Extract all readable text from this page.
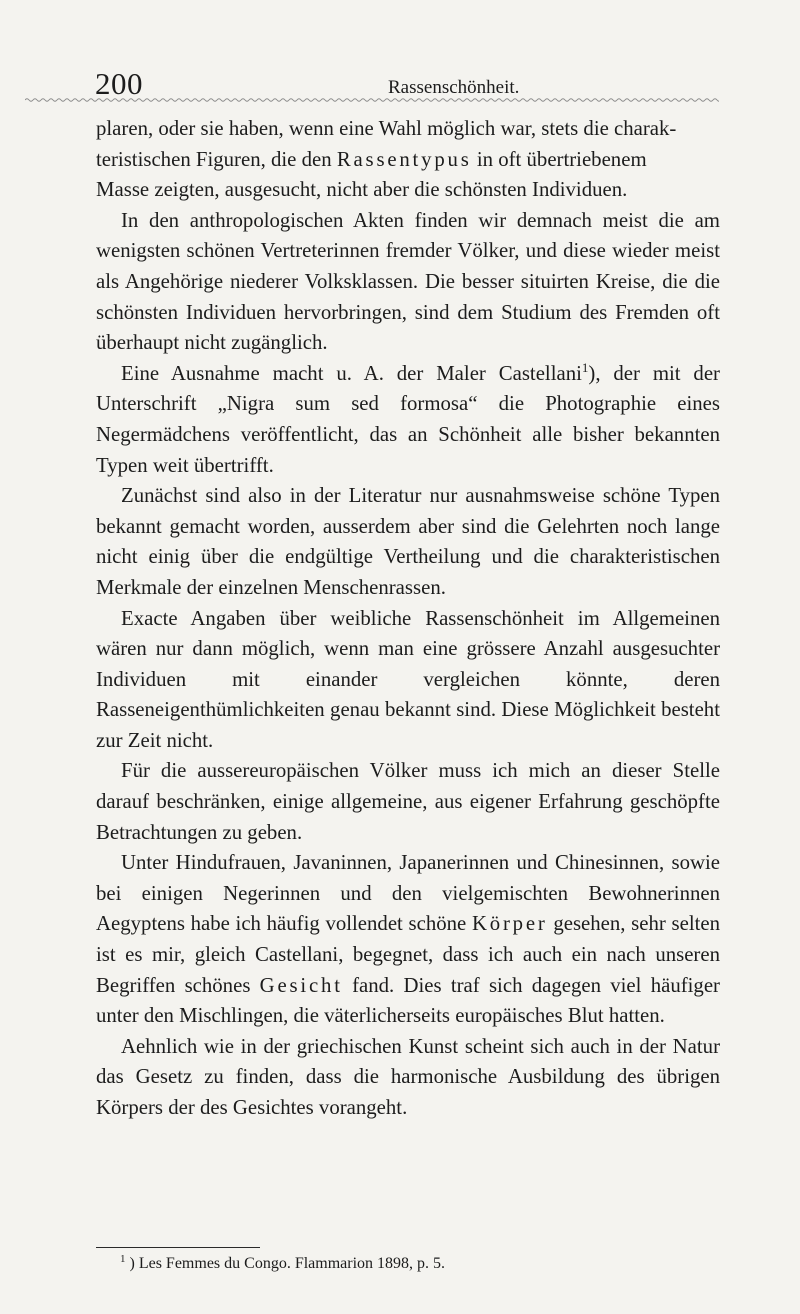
200	Rassenschönheit.

plaren, oder sie haben, wenn eine Wahl möglich war, stets die charak-
teristischen Figuren, die den Rassentypus in oft übertriebenem
Masse zeigten, ausgesucht, nicht aber die schönsten Individuen.

In den anthropologischen Akten finden wir demnach meist die am wenigsten schönen Vertreterinnen fremder Völker, und diese wieder meist als Angehörige niederer Volksklassen. Die besser situirten Kreise, die die schönsten Individuen hervorbringen, sind dem Studium des Fremden oft überhaupt nicht zugänglich.

Eine Ausnahme macht u. A. der Maler Castellani$^1$), der mit der Unterschrift „Nigra sum sed formosa“ die Photographie eines Negermädchens veröffentlicht, das an Schönheit alle bisher bekannten Typen weit übertrifft.

Zunächst sind also in der Literatur nur ausnahmsweise schöne Typen bekannt gemacht worden, ausserdem aber sind die Gelehrten noch lange nicht einig über die endgültige Vertheilung und die charakteristischen Merkmale der einzelnen Menschenrassen.

Exacte Angaben über weibliche Rassenschönheit im Allgemeinen wären nur dann möglich, wenn man eine grössere Anzahl ausgesuchter Individuen mit einander vergleichen könnte, deren Rasseneigenthümlichkeiten genau bekannt sind. Diese Möglichkeit besteht zur Zeit nicht.

Für die aussereuropäischen Völker muss ich mich an dieser Stelle darauf beschränken, einige allgemeine, aus eigener Erfahrung geschöpfte Betrachtungen zu geben.

Unter Hindufrauen, Javaninnen, Japanerinnen und Chinesinnen, sowie bei einigen Negerinnen und den vielgemischten Bewohnerinnen Aegyptens habe ich häufig vollendet schöne Körper gesehen, sehr selten ist es mir, gleich Castellani, begegnet, dass ich auch ein nach unseren Begriffen schönes Gesicht fand. Dies traf sich dagegen viel häufiger unter den Mischlingen, die väterlicherseits europäisches Blut hatten.

Aehnlich wie in der griechischen Kunst scheint sich auch in der Natur das Gesetz zu finden, dass die harmonische Ausbildung des übrigen Körpers der des Gesichtes vorangeht.

$^1$ ) Les Femmes du Congo. Flammarion 1898, p. 5.
